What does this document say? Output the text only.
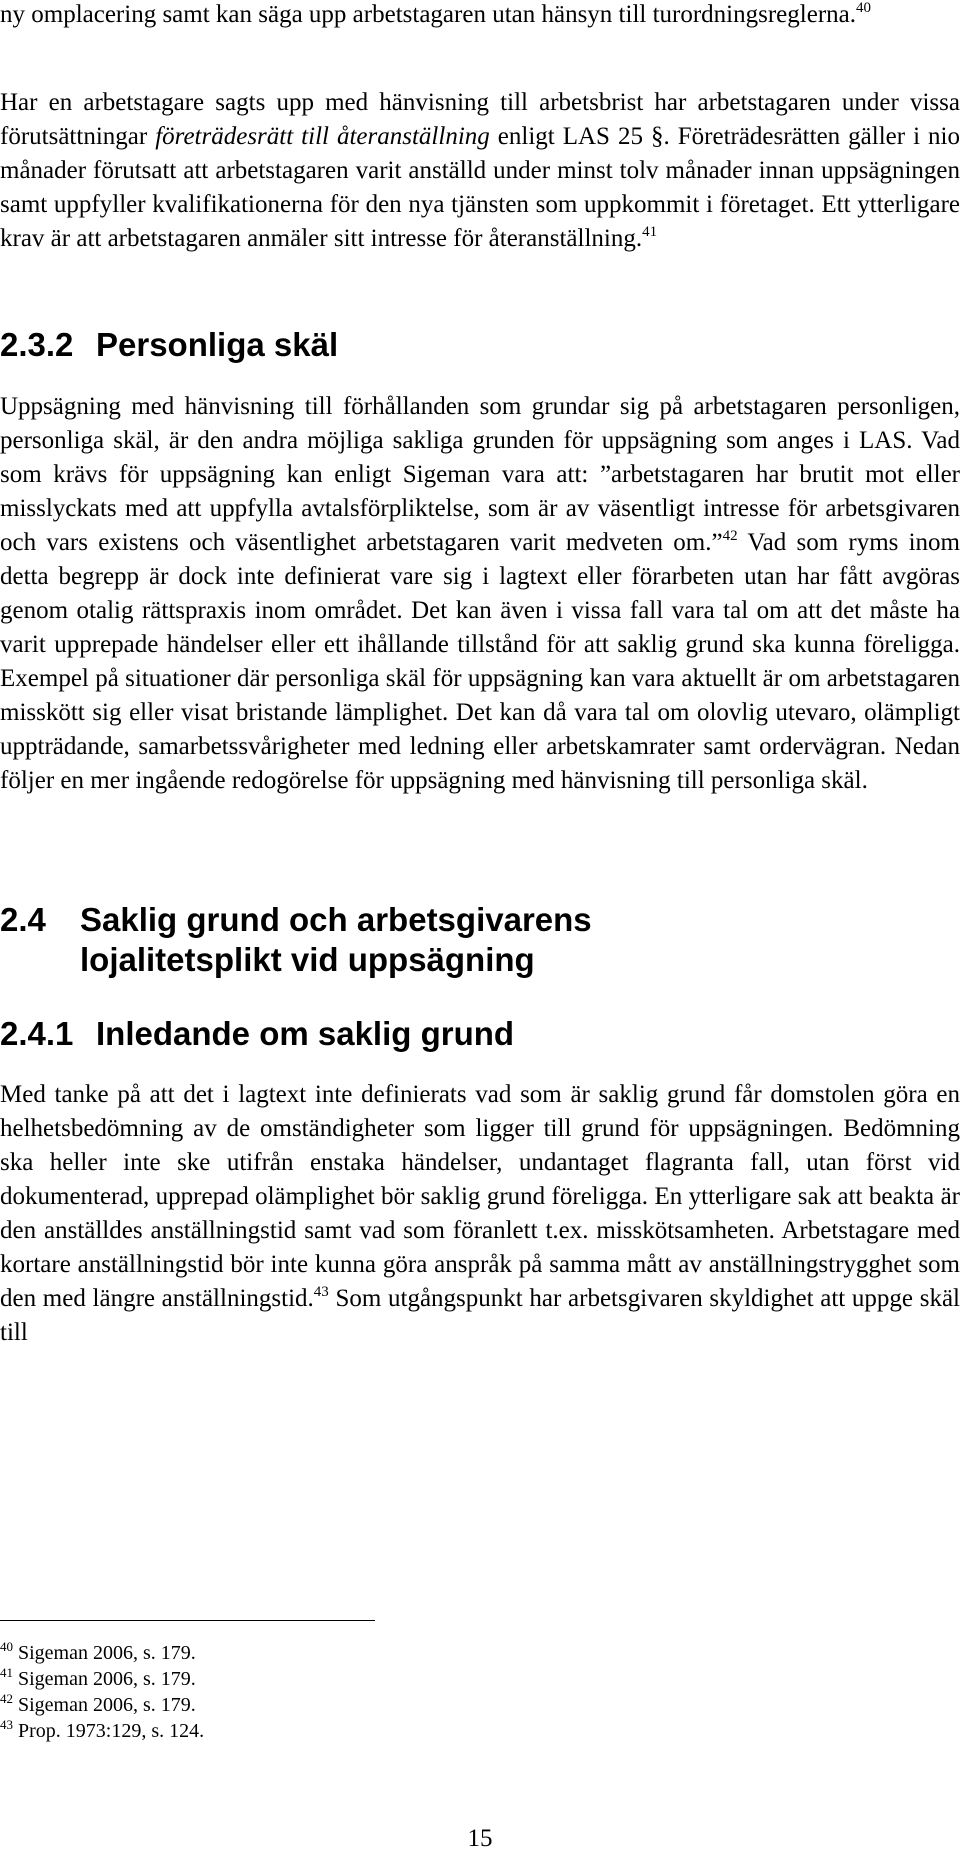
ny omplacering samt kan säga upp arbetstagaren utan hänsyn till turordningsreglerna.$^{40}$

Har en arbetstagare sagts upp med hänvisning till arbetsbrist har arbetstagaren under vissa förutsättningar företrädesrätt till återanställning enligt LAS 25 §. Företrädesrätten gäller i nio månader förutsatt att arbetstagaren varit anställd under minst tolv månader innan uppsägningen samt uppfyller kvalifikationerna för den nya tjänsten som uppkommit i företaget. Ett ytterligare krav är att arbetstagaren anmäler sitt intresse för återanställning.$^{41}$

2.3.2 Personliga skäl

Uppsägning med hänvisning till förhållanden som grundar sig på arbetstagaren personligen, personliga skäl, är den andra möjliga sakliga grunden för uppsägning som anges i LAS. Vad som krävs för uppsägning kan enligt Sigeman vara att: ”arbetstagaren har brutit mot eller misslyckats med att uppfylla avtalsförpliktelse, som är av väsentligt intresse för arbetsgivaren och vars existens och väsentlighet arbetstagaren varit medveten om.”$^{42}$ Vad som ryms inom detta begrepp är dock inte definierat vare sig i lagtext eller förarbeten utan har fått avgöras genom otalig rättspraxis inom området. Det kan även i vissa fall vara tal om att det måste ha varit upprepade händelser eller ett ihållande tillstånd för att saklig grund ska kunna föreligga. Exempel på situationer där personliga skäl för uppsägning kan vara aktuellt är om arbetstagaren misskött sig eller visat bristande lämplighet. Det kan då vara tal om olovlig utevaro, olämpligt uppträdande, samarbetssvårigheter med ledning eller arbetskamrater samt ordervägran. Nedan följer en mer ingående redogörelse för uppsägning med hänvisning till personliga skäl.

2.4 Saklig grund och arbetsgivarens
lojalitetsplikt vid uppsägning
2.4.1 Inledande om saklig grund

Med tanke på att det i lagtext inte definierats vad som är saklig grund får domstolen göra en helhetsbedömning av de omständigheter som ligger till grund för uppsägningen. Bedömning ska heller inte ske utifrån enstaka händelser, undantaget flagranta fall, utan först vid dokumenterad, upprepad olämplighet bör saklig grund föreligga. En ytterligare sak att beakta är den anställdes anställningstid samt vad som föranlett t.ex. misskötsamheten. Arbetstagare med kortare anställningstid bör inte kunna göra anspråk på samma mått av anställningstrygghet som den med längre anställningstid.$^{43}$ Som utgångspunkt har arbetsgivaren skyldighet att uppge skäl till

$^{40}$ Sigeman 2006, s. 179.

$^{41}$ Sigeman 2006, s. 179.

$^{42}$ Sigeman 2006, s. 179.

$^{43}$ Prop. 1973:129, s. 124.

15
